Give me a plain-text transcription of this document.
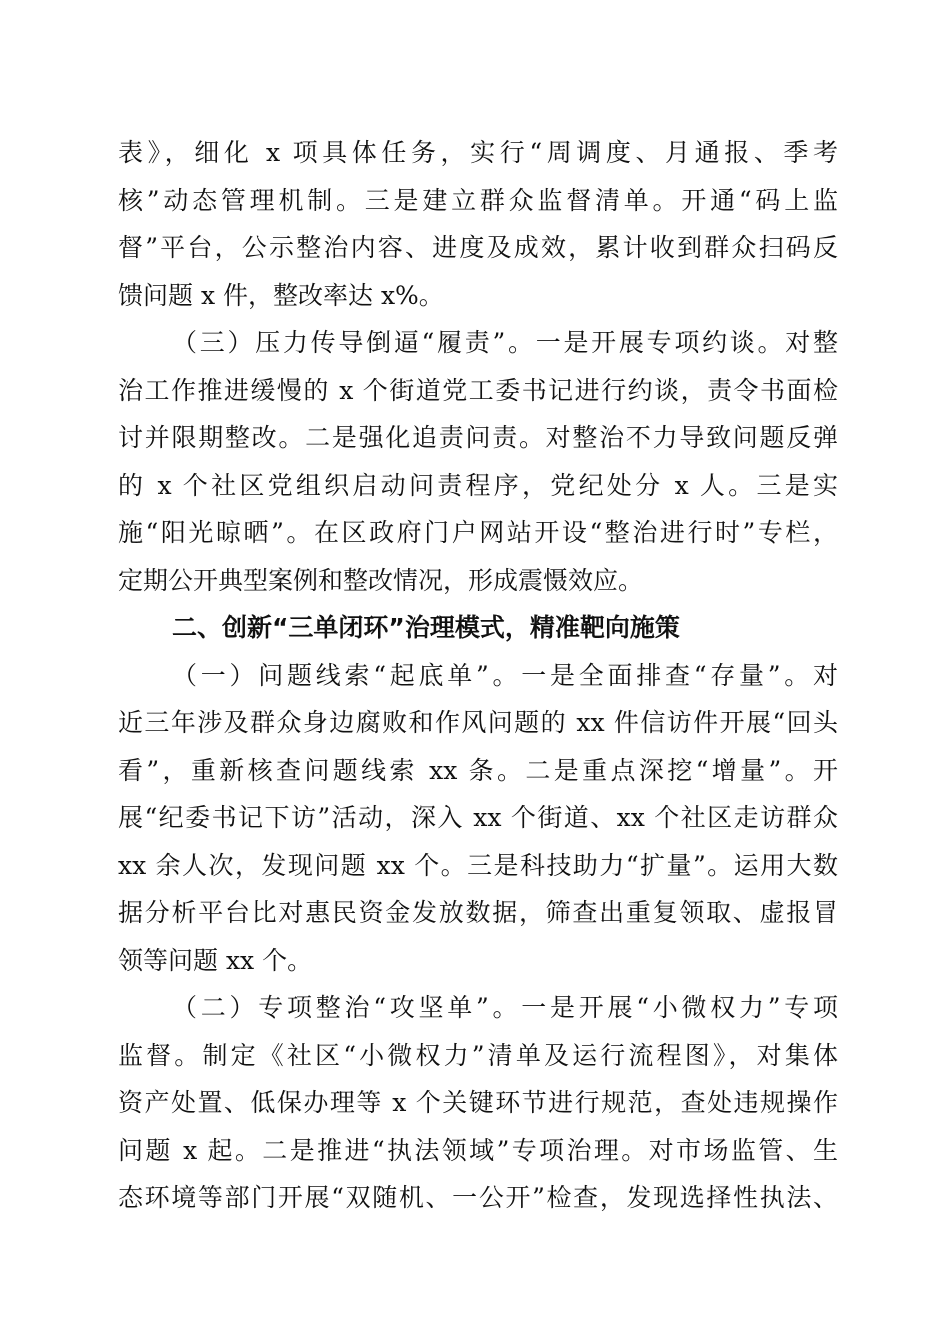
表》，细化 x 项具体任务，实行“周调度、月通报、季考
核”动态管理机制。三是建立群众监督清单。开通“码上监
督”平台，公示整治内容、进度及成效，累计收到群众扫码反
馈问题 x 件，整改率达 x%。
（三）压力传导倒逼“履责”。一是开展专项约谈。对整
治工作推进缓慢的 x 个街道党工委书记进行约谈，责令书面检
讨并限期整改。二是强化追责问责。对整治不力导致问题反弹
的 x 个社区党组织启动问责程序，党纪处分 x 人。三是实
施“阳光晾晒”。在区政府门户网站开设“整治进行时”专栏，
定期公开典型案例和整改情况，形成震慑效应。
二、创新“三单闭环”治理模式，精准靶向施策
（一）问题线索“起底单”。一是全面排查“存量”。对
近三年涉及群众身边腐败和作风问题的 xx 件信访件开展“回头
看”，重新核查问题线索 xx 条。二是重点深挖“增量”。开
展“纪委书记下访”活动，深入 xx 个街道、xx 个社区走访群众
xx 余人次，发现问题 xx 个。三是科技助力“扩量”。运用大数
据分析平台比对惠民资金发放数据，筛查出重复领取、虚报冒
领等问题 xx 个。
（二）专项整治“攻坚单”。一是开展“小微权力”专项
监督。制定《社区“小微权力”清单及运行流程图》，对集体
资产处置、低保办理等 x 个关键环节进行规范，查处违规操作
问题 x 起。二是推进“执法领域”专项治理。对市场监管、生
态环境等部门开展“双随机、一公开”检查，发现选择性执法、
